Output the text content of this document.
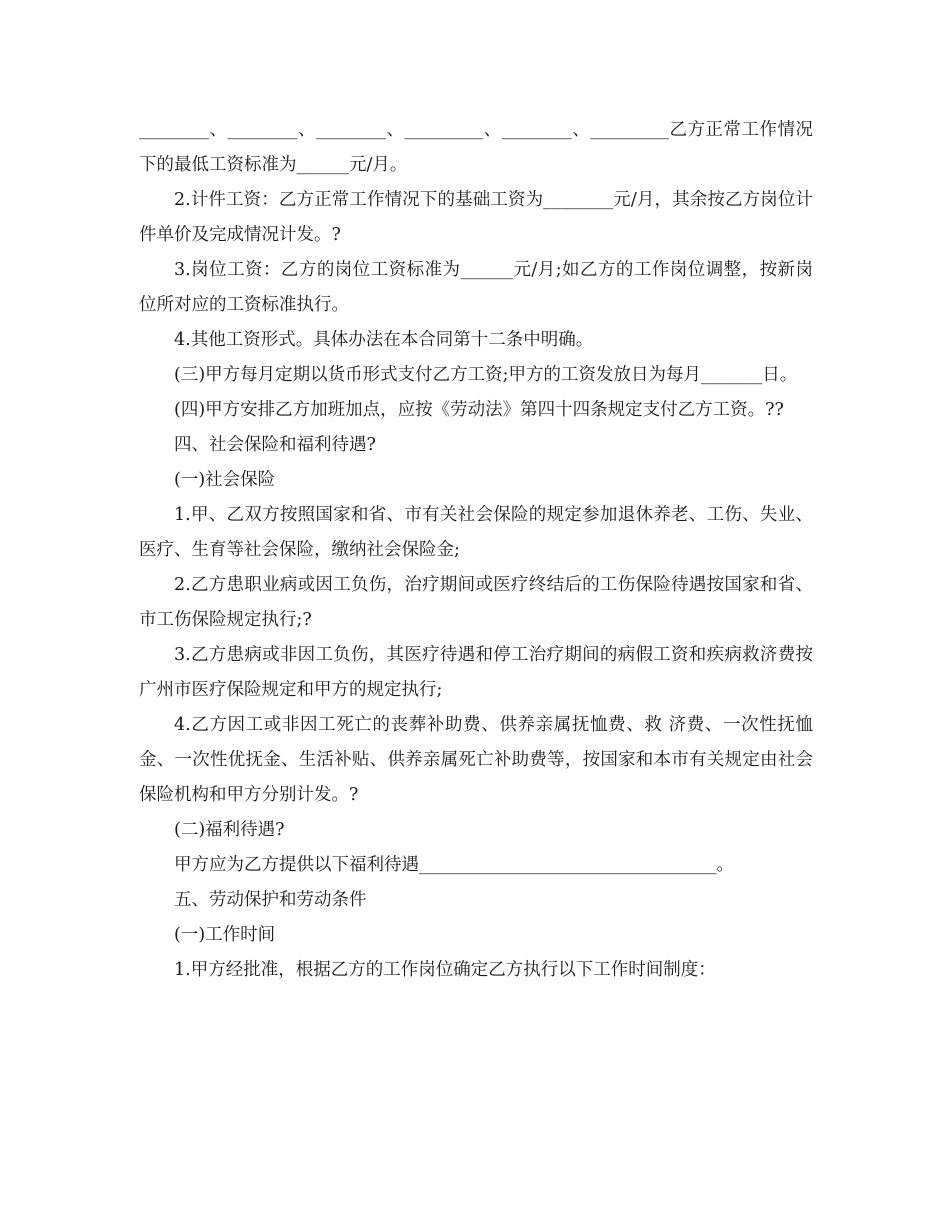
________、________、________、_________、________、_________乙方正常工作情况下的最低工资标准为______元/月。

2.计件工资：乙方正常工作情况下的基础工资为________元/月，其余按乙方岗位计件单价及完成情况计发。?

3.岗位工资：乙方的岗位工资标准为______元/月;如乙方的工作岗位调整，按新岗位所对应的工资标准执行。

4.其他工资形式。具体办法在本合同第十二条中明确。

(三)甲方每月定期以货币形式支付乙方工资;甲方的工资发放日为每月_______日。

(四)甲方安排乙方加班加点，应按《劳动法》第四十四条规定支付乙方工资。??

四、社会保险和福利待遇?

(一)社会保险

1.甲、乙双方按照国家和省、市有关社会保险的规定参加退休养老、工伤、失业、医疗、生育等社会保险，缴纳社会保险金;

2.乙方患职业病或因工负伤，治疗期间或医疗终结后的工伤保险待遇按国家和省、市工伤保险规定执行;?

3.乙方患病或非因工负伤，其医疗待遇和停工治疗期间的病假工资和疾病救济费按广州市医疗保险规定和甲方的规定执行;

4.乙方因工或非因工死亡的丧葬补助费、供养亲属抚恤费、救 济费、一次性抚恤金、一次性优抚金、生活补贴、供养亲属死亡补助费等，按国家和本市有关规定由社会保险机构和甲方分别计发。?

(二)福利待遇?

甲方应为乙方提供以下福利待遇__________________________________。

五、劳动保护和劳动条件

(一)工作时间

1.甲方经批准，根据乙方的工作岗位确定乙方执行以下工作时间制度：
